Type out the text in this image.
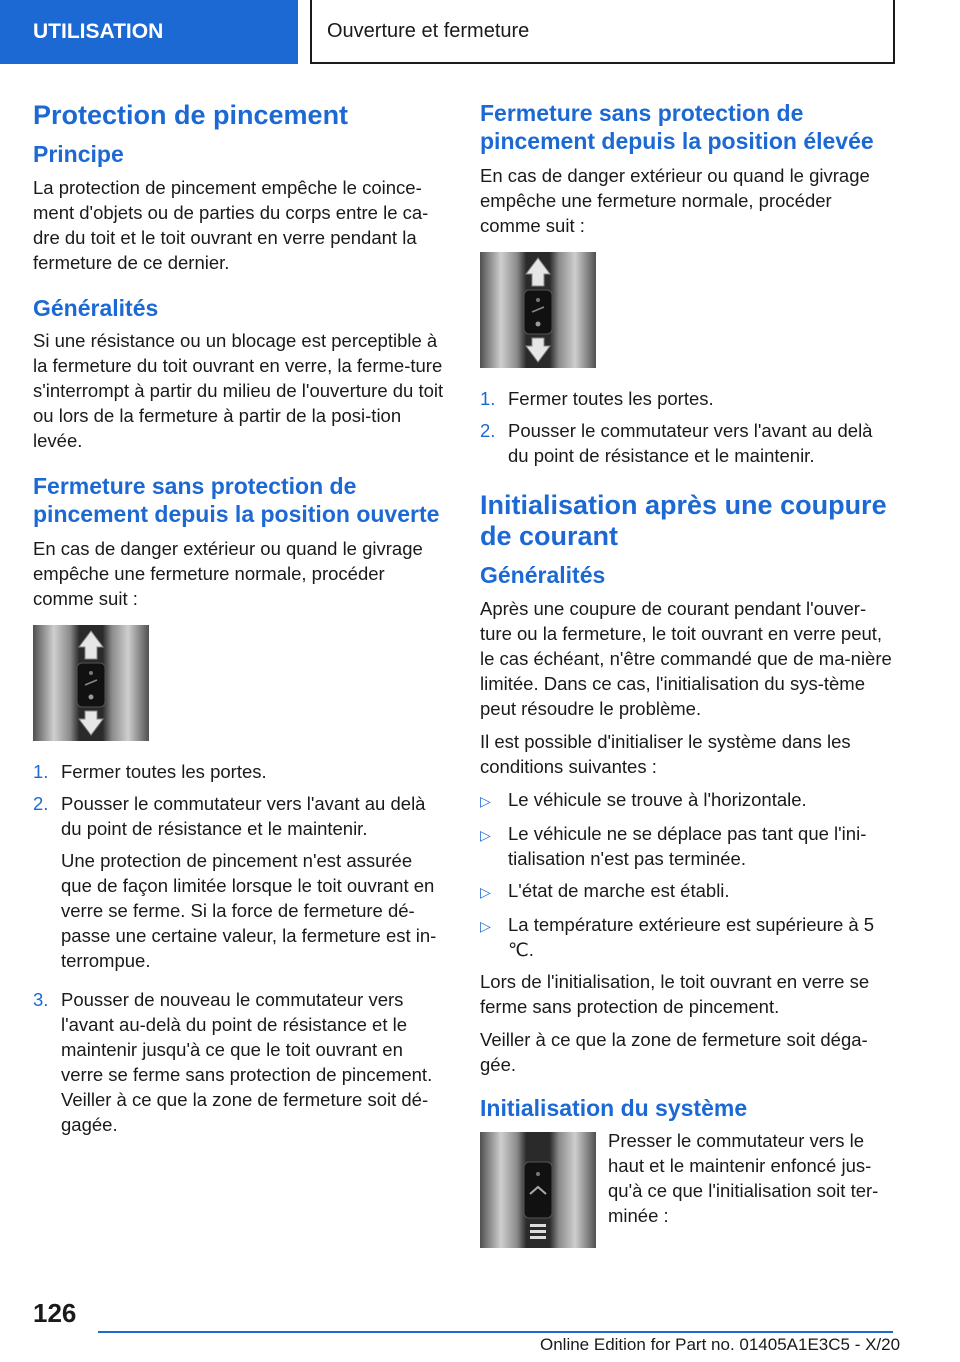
UTILISATION	Ouverture et fermeture
Protection de pincement
Principe

La protection de pincement empêche le coince-ment d'objets ou de parties du corps entre le ca-dre du toit et le toit ouvrant en verre pendant la fermeture de ce dernier.

Généralités

Si une résistance ou un blocage est perceptible à la fermeture du toit ouvrant en verre, la ferme-ture s'interrompt à partir du milieu de l'ouverture du toit ou lors de la fermeture à partir de la posi-tion levée.

Fermeture sans protection de pincement depuis la position ouverte

En cas de danger extérieur ou quand le givrage empêche une fermeture normale, procéder comme suit :

1. Fermer toutes les portes.
2. Pousser le commutateur vers l'avant au delà du point de résistance et le maintenir.

Une protection de pincement n'est assurée que de façon limitée lorsque le toit ouvrant en verre se ferme. Si la force de fermeture dé-passe une certaine valeur, la fermeture est in-terrompue.

3. Pousser de nouveau le commutateur vers l'avant au-delà du point de résistance et le maintenir jusqu'à ce que le toit ouvrant en verre se ferme sans protection de pincement. Veiller à ce que la zone de fermeture soit dé-gagée.
Fermeture sans protection de pincement depuis la position élevée

En cas de danger extérieur ou quand le givrage empêche une fermeture normale, procéder comme suit :

1. Fermer toutes les portes.
2. Pousser le commutateur vers l'avant au delà du point de résistance et le maintenir.
Initialisation après une coupure de courant
Généralités

Après une coupure de courant pendant l'ouver-ture ou la fermeture, le toit ouvrant en verre peut, le cas échéant, n'être commandé que de ma-nière limitée. Dans ce cas, l'initialisation du sys-tème peut résoudre le problème.

Il est possible d'initialiser le système dans les conditions suivantes :

▷ Le véhicule se trouve à l'horizontale.
▷ Le véhicule ne se déplace pas tant que l'ini-tialisation n'est pas terminée.
▷ L'état de marche est établi.
▷ La température extérieure est supérieure à 5 ℃.

Lors de l'initialisation, le toit ouvrant en verre se ferme sans protection de pincement.

Veiller à ce que la zone de fermeture soit déga-gée.

Initialisation du système

Presser le commutateur vers le haut et le maintenir enfoncé jus-qu'à ce que l'initialisation soit ter-minée :

126
Online Edition for Part no. 01405A1E3C5 - X/20
